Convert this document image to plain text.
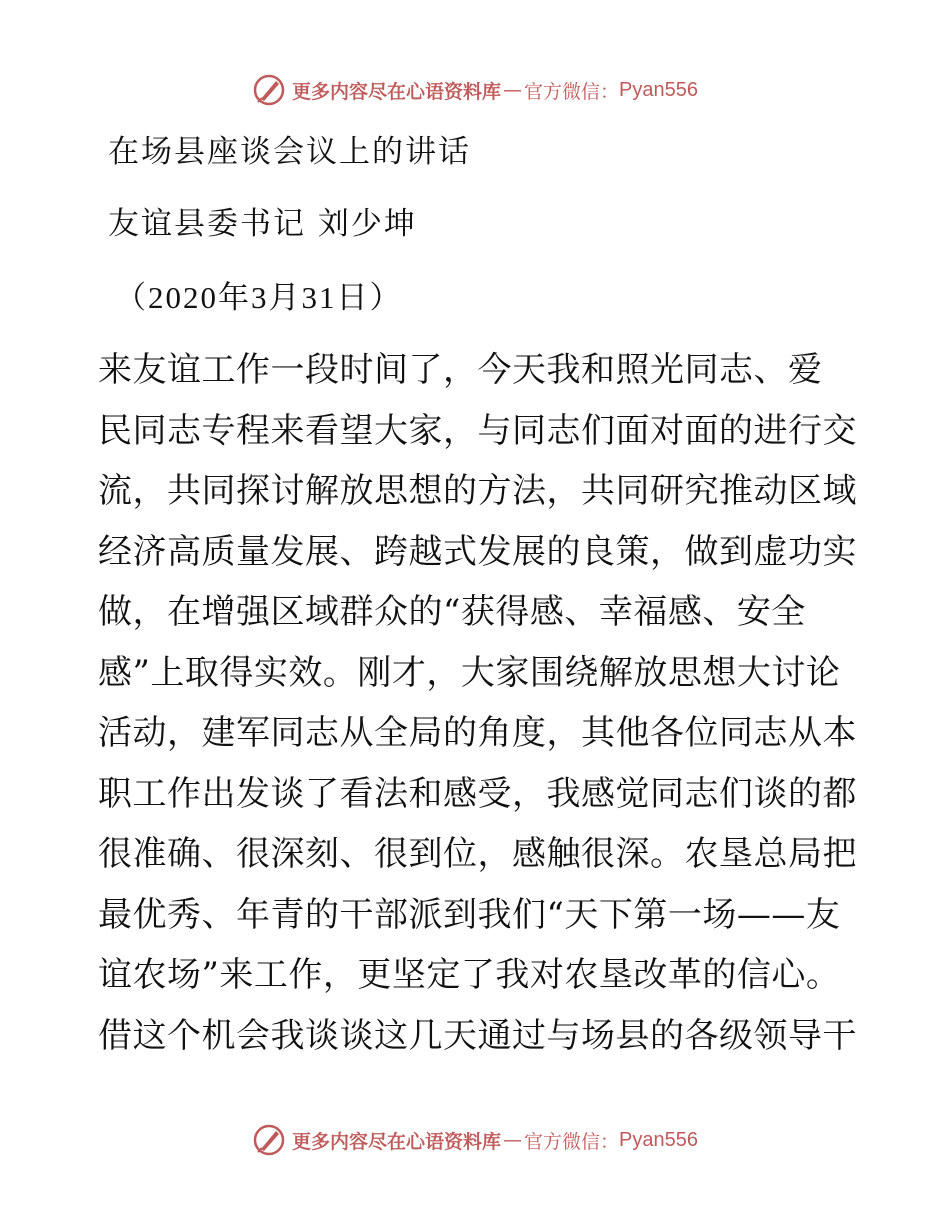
更多内容尽在心语资料库 — 官方微信： Pyan556
在场县座谈会议上的讲话
友谊县委书记 刘少坤
（2020年3月31日）
来友谊工作一段时间了，今天我和照光同志、爱
民同志专程来看望大家，与同志们面对面的进行交
流，共同探讨解放思想的方法，共同研究推动区域
经济高质量发展、跨越式发展的良策，做到虚功实
做，在增强区域群众的“获得感、幸福感、安全
感”上取得实效。刚才，大家围绕解放思想大讨论
活动，建军同志从全局的角度，其他各位同志从本
职工作出发谈了看法和感受，我感觉同志们谈的都
很准确、很深刻、很到位，感触很深。农垦总局把
最优秀、年青的干部派到我们“天下第一场——友
谊农场”来工作，更坚定了我对农垦改革的信心。
借这个机会我谈谈这几天通过与场县的各级领导干
更多内容尽在心语资料库 — 官方微信： Pyan556
